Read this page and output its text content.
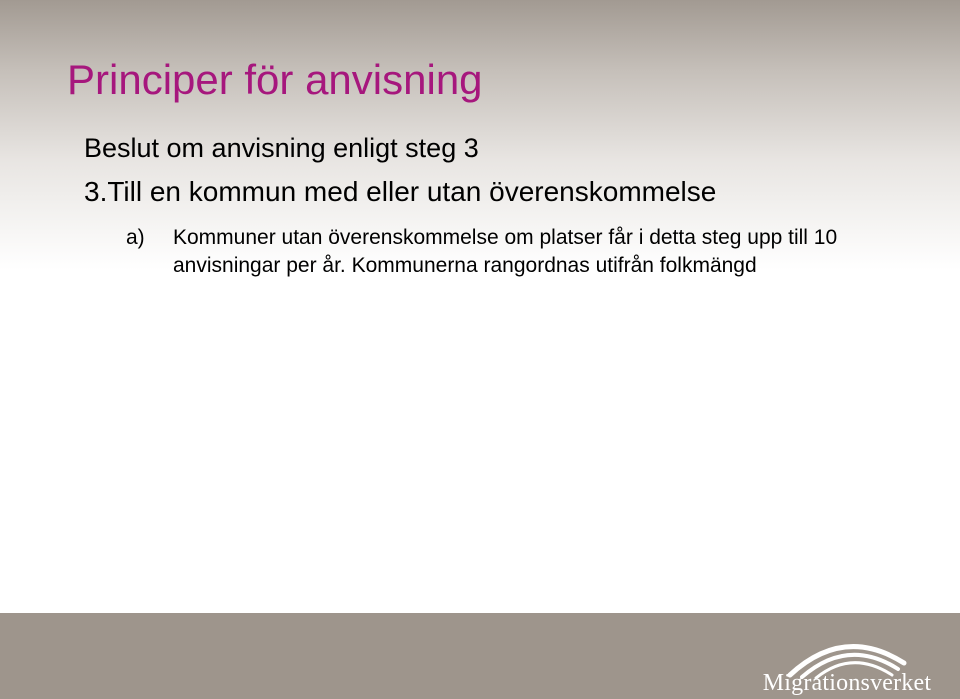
Principer för anvisning
Beslut om anvisning enligt steg 3
3.Till en kommun med eller utan överenskommelse
a) Kommuner utan överenskommelse om platser får i detta steg upp till 10 anvisningar per år. Kommunerna rangordnas utifrån folkmängd
Migrationsverket
